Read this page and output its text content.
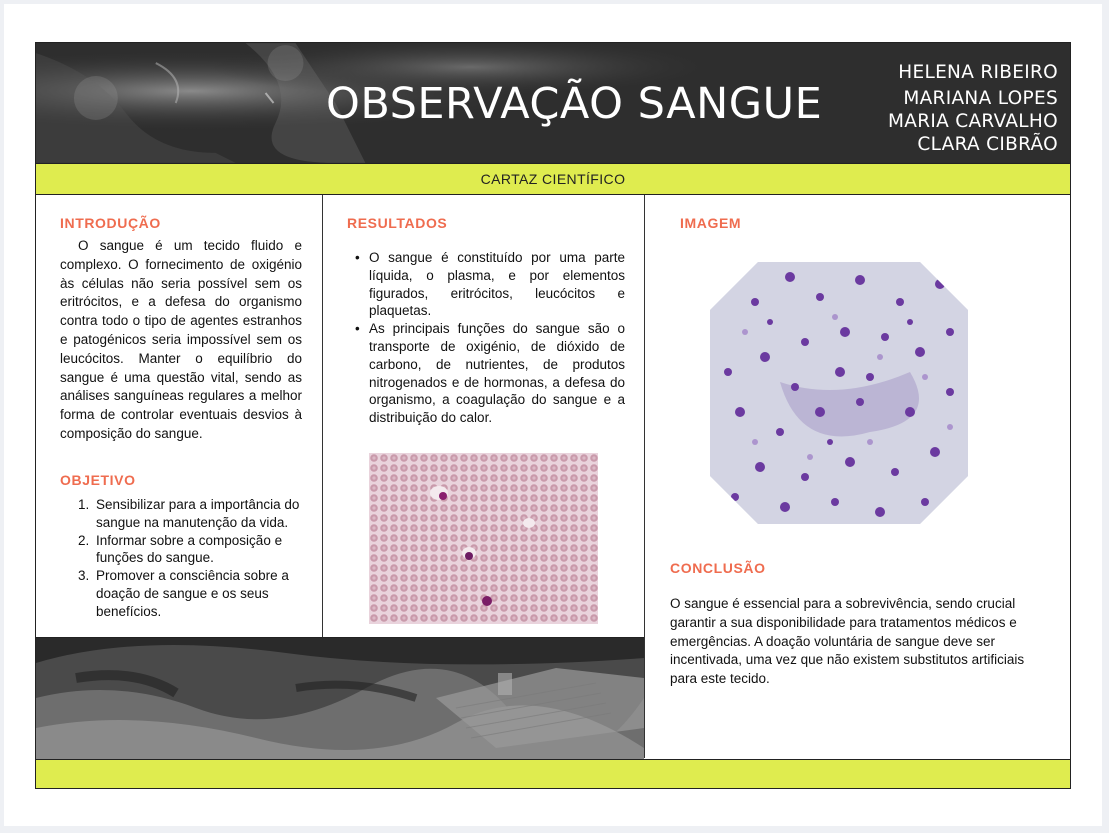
OBSERVAÇÃO SANGUE
HELENA RIBEIRO
MARIANA LOPES
MARIA CARVALHO
CLARA CIBRÃO
CARTAZ CIENTÍFICO
INTRODUÇÃO

O sangue é um tecido fluido e complexo. O fornecimento de oxigénio às células não seria possível sem os eritrócitos, e a defesa do organismo contra todo o tipo de agentes estranhos e patogénicos seria impossível sem os leucócitos. Manter o equilíbrio do sangue é uma questão vital, sendo as análises sanguíneas regulares a melhor forma de controlar eventuais desvios à composição do sangue.

OBJETIVO
1. Sensibilizar para a importância do sangue na manutenção da vida.
2. Informar sobre a composição e funções do sangue.
3. Promover a consciência sobre a doação de sangue e os seus benefícios.
RESULTADOS
• O sangue é constituído por uma parte líquida, o plasma, e por elementos figurados, eritrócitos, leucócitos e plaquetas.
• As principais funções do sangue são o transporte de oxigénio, de dióxido de carbono, de nutrientes, de produtos nitrogenados e de hormonas, a defesa do organismo, a coagulação do sangue e a distribuição do calor.
IMAGEM
CONCLUSÃO
O sangue é essencial para a sobrevivência, sendo crucial garantir a sua disponibilidade para tratamentos médicos e emergências. A doação voluntária de sangue deve ser incentivada, uma vez que não existem substitutos artificiais para este tecido.
